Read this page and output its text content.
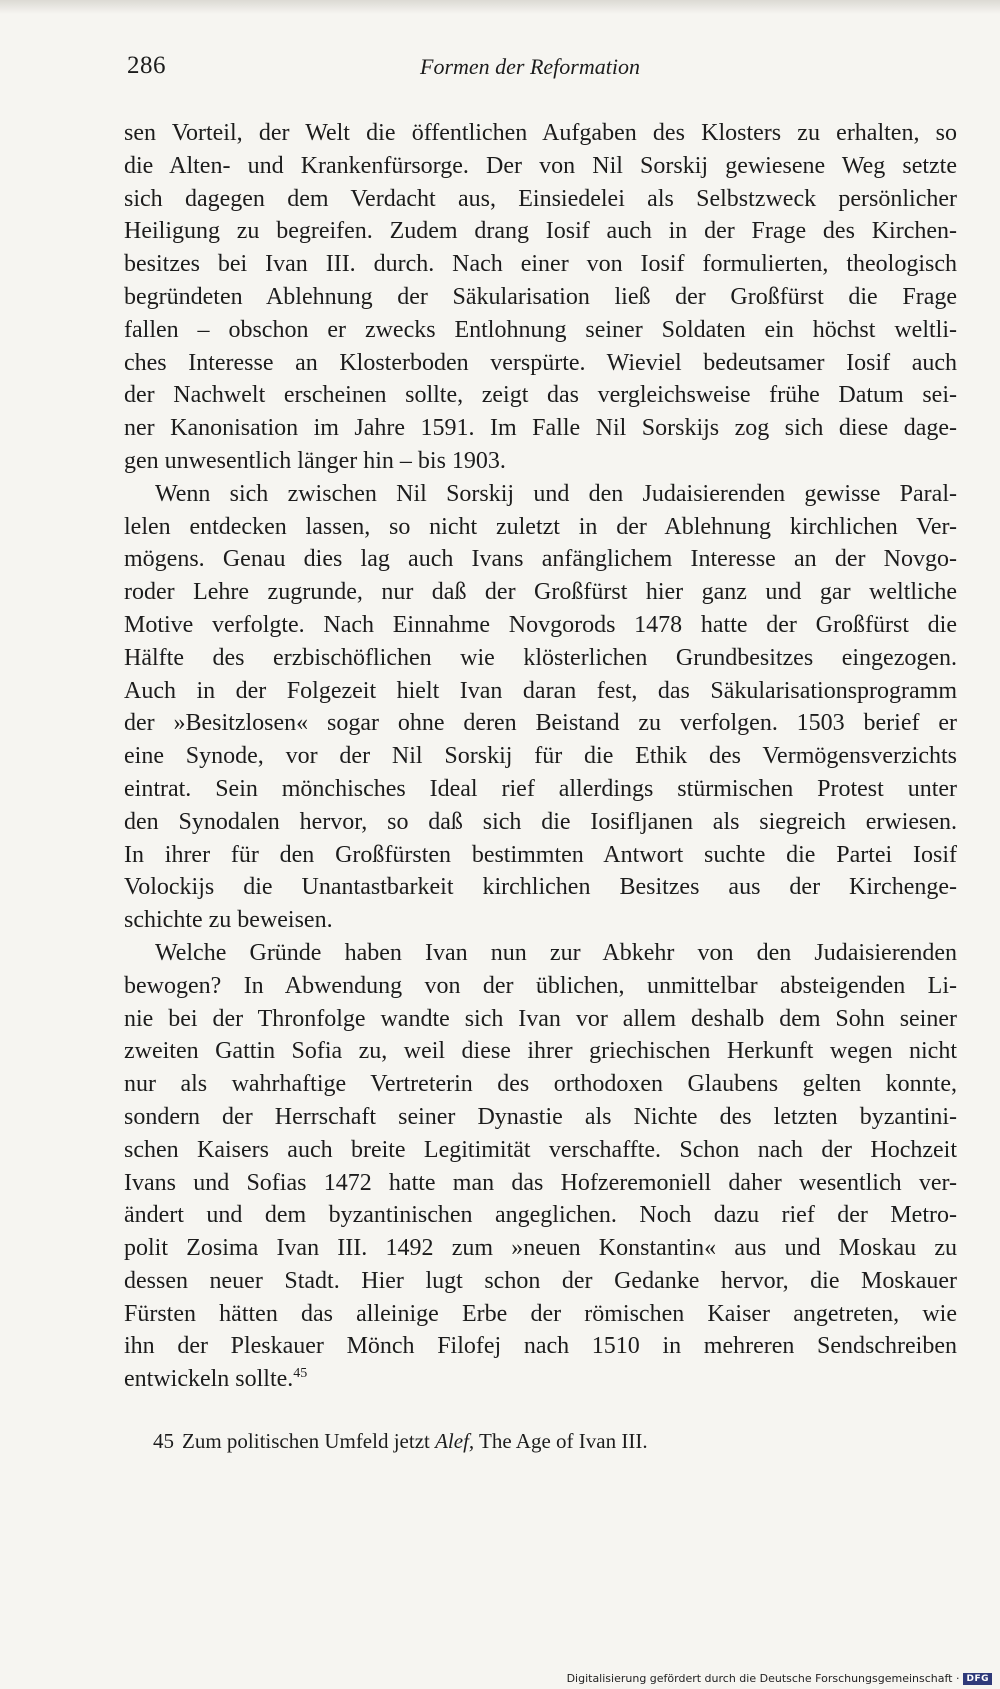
286	Formen der Reformation
sen Vorteil, der Welt die öffentlichen Aufgaben des Klosters zu erhalten, so
die Alten- und Krankenfürsorge. Der von Nil Sorskij gewiesene Weg setzte
sich dagegen dem Verdacht aus, Einsiedelei als Selbstzweck persönlicher
Heiligung zu begreifen. Zudem drang Iosif auch in der Frage des Kirchen-
besitzes bei Ivan III. durch. Nach einer von Iosif formulierten, theologisch
begründeten Ablehnung der Säkularisation ließ der Großfürst die Frage
fallen – obschon er zwecks Entlohnung seiner Soldaten ein höchst weltli-
ches Interesse an Klosterboden verspürte. Wieviel bedeutsamer Iosif auch
der Nachwelt erscheinen sollte, zeigt das vergleichsweise frühe Datum sei-
ner Kanonisation im Jahre 1591. Im Falle Nil Sorskijs zog sich diese dage-
gen unwesentlich länger hin – bis 1903.
Wenn sich zwischen Nil Sorskij und den Judaisierenden gewisse Paral-
lelen entdecken lassen, so nicht zuletzt in der Ablehnung kirchlichen Ver-
mögens. Genau dies lag auch Ivans anfänglichem Interesse an der Novgo-
roder Lehre zugrunde, nur daß der Großfürst hier ganz und gar weltliche
Motive verfolgte. Nach Einnahme Novgorods 1478 hatte der Großfürst die
Hälfte des erzbischöflichen wie klösterlichen Grundbesitzes eingezogen.
Auch in der Folgezeit hielt Ivan daran fest, das Säkularisationsprogramm
der »Besitzlosen« sogar ohne deren Beistand zu verfolgen. 1503 berief er
eine Synode, vor der Nil Sorskij für die Ethik des Vermögensverzichts
eintrat. Sein mönchisches Ideal rief allerdings stürmischen Protest unter
den Synodalen hervor, so daß sich die Iosifljanen als siegreich erwiesen.
In ihrer für den Großfürsten bestimmten Antwort suchte die Partei Iosif
Volockijs die Unantastbarkeit kirchlichen Besitzes aus der Kirchenge-
schichte zu beweisen.
Welche Gründe haben Ivan nun zur Abkehr von den Judaisierenden
bewogen? In Abwendung von der üblichen, unmittelbar absteigenden Li-
nie bei der Thronfolge wandte sich Ivan vor allem deshalb dem Sohn seiner
zweiten Gattin Sofia zu, weil diese ihrer griechischen Herkunft wegen nicht
nur als wahrhaftige Vertreterin des orthodoxen Glaubens gelten konnte,
sondern der Herrschaft seiner Dynastie als Nichte des letzten byzantini-
schen Kaisers auch breite Legitimität verschaffte. Schon nach der Hochzeit
Ivans und Sofias 1472 hatte man das Hofzeremoniell daher wesentlich ver-
ändert und dem byzantinischen angeglichen. Noch dazu rief der Metro-
polit Zosima Ivan III. 1492 zum »neuen Konstantin« aus und Moskau zu
dessen neuer Stadt. Hier lugt schon der Gedanke hervor, die Moskauer
Fürsten hätten das alleinige Erbe der römischen Kaiser angetreten, wie
ihn der Pleskauer Mönch Filofej nach 1510 in mehreren Sendschreiben
entwickeln sollte.$^{45}$
45 Zum politischen Umfeld jetzt Alef, The Age of Ivan III.
Digitalisierung gefördert durch die Deutsche Forschungsgemeinschaft · DFG
